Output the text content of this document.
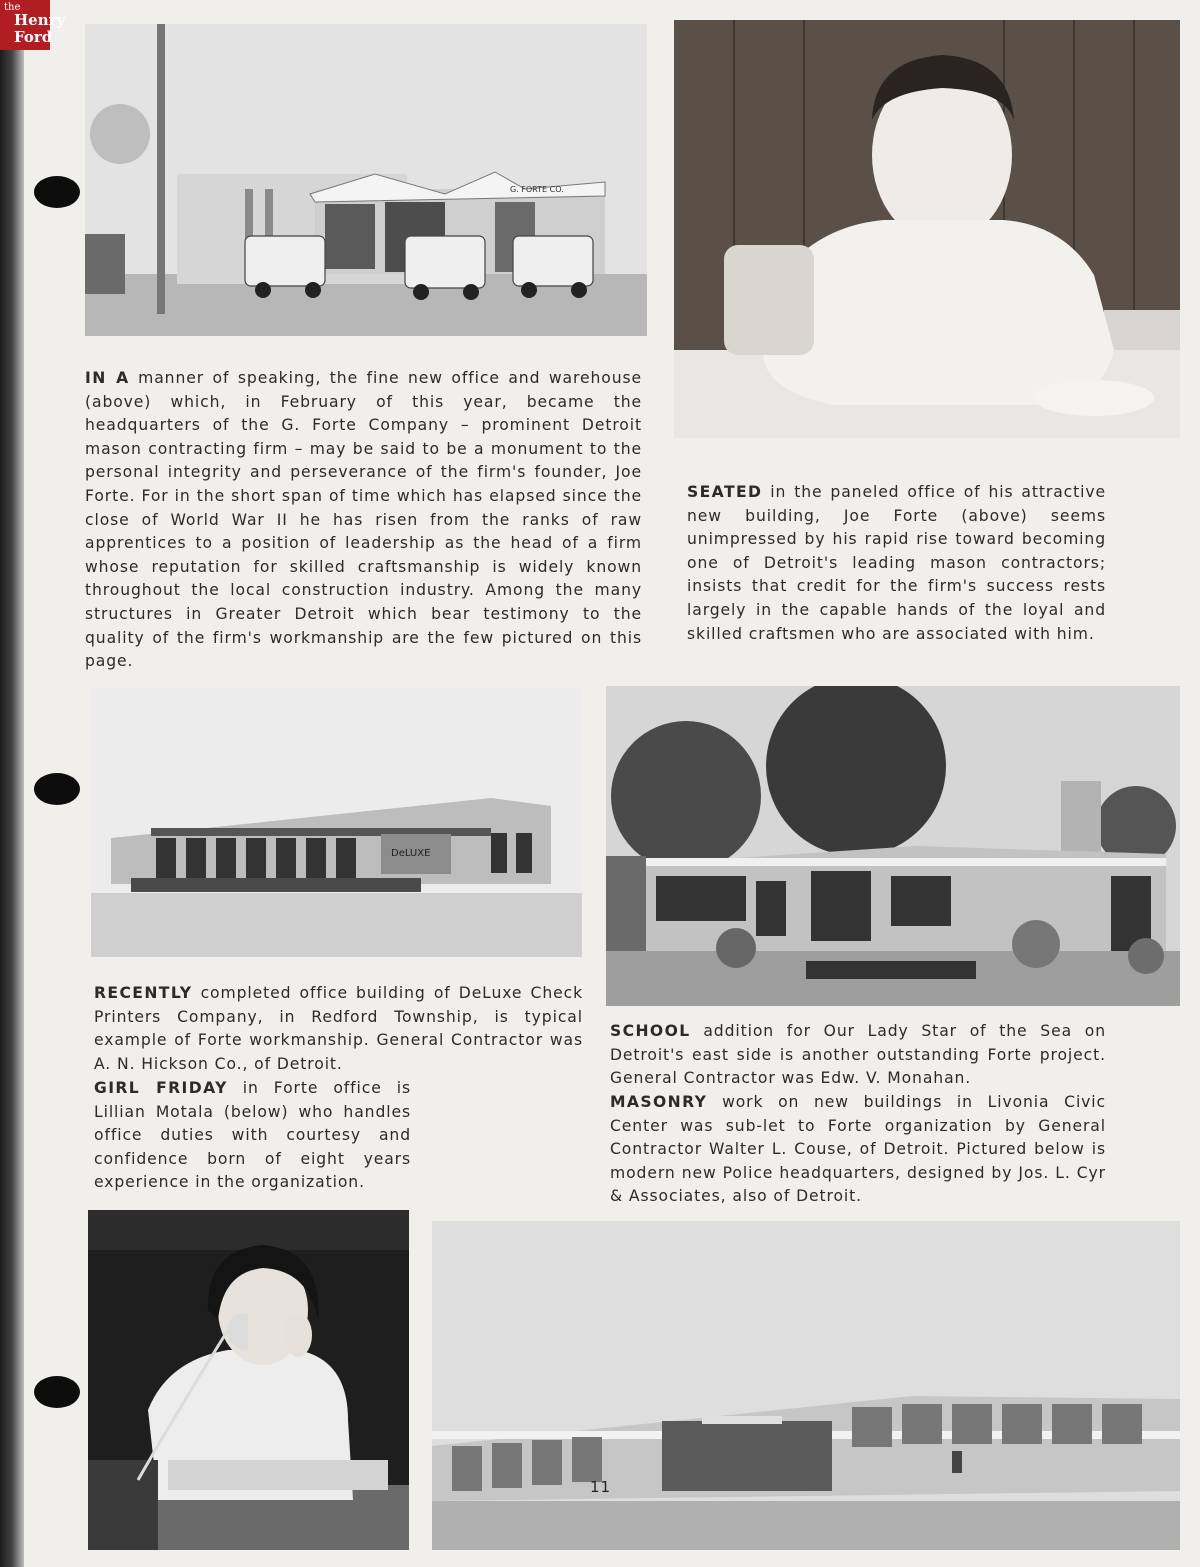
the
Henry
Ford
G. FORTE CO.

IN A manner of speaking, the fine new office and warehouse (above) which, in February of this year, became the headquarters of the G. Forte Company – prominent Detroit mason contracting firm – may be said to be a monument to the personal integrity and perseverance of the firm's founder, Joe Forte. For in the short span of time which has elapsed since the close of World War II he has risen from the ranks of raw apprentices to a position of leadership as the head of a firm whose reputation for skilled craftsmanship is widely known throughout the local construction industry. Among the many structures in Greater Detroit which bear testimony to the quality of the firm's workmanship are the few pictured on this page.

SEATED in the paneled office of his attractive new building, Joe Forte (above) seems unimpressed by his rapid rise toward becoming one of Detroit's leading mason contractors; insists that credit for the firm's success rests largely in the capable hands of the loyal and skilled craftsmen who are associated with him.

DeLUXE

RECENTLY completed office building of DeLuxe Check Printers Company, in Redford Township, is typical example of Forte workmanship. General Contractor was A. N. Hickson Co., of Detroit.

GIRL FRIDAY in Forte office is Lillian Motala (below) who handles office duties with courtesy and confidence born of eight years experience in the organization.

SCHOOL addition for Our Lady Star of the Sea on Detroit's east side is another outstanding Forte project. General Contractor was Edw. V. Monahan.

MASONRY work on new buildings in Livonia Civic Center was sub-let to Forte organization by General Contractor Walter L. Couse, of Detroit. Pictured below is modern new Police headquarters, designed by Jos. L. Cyr & Associates, also of Detroit.

11
